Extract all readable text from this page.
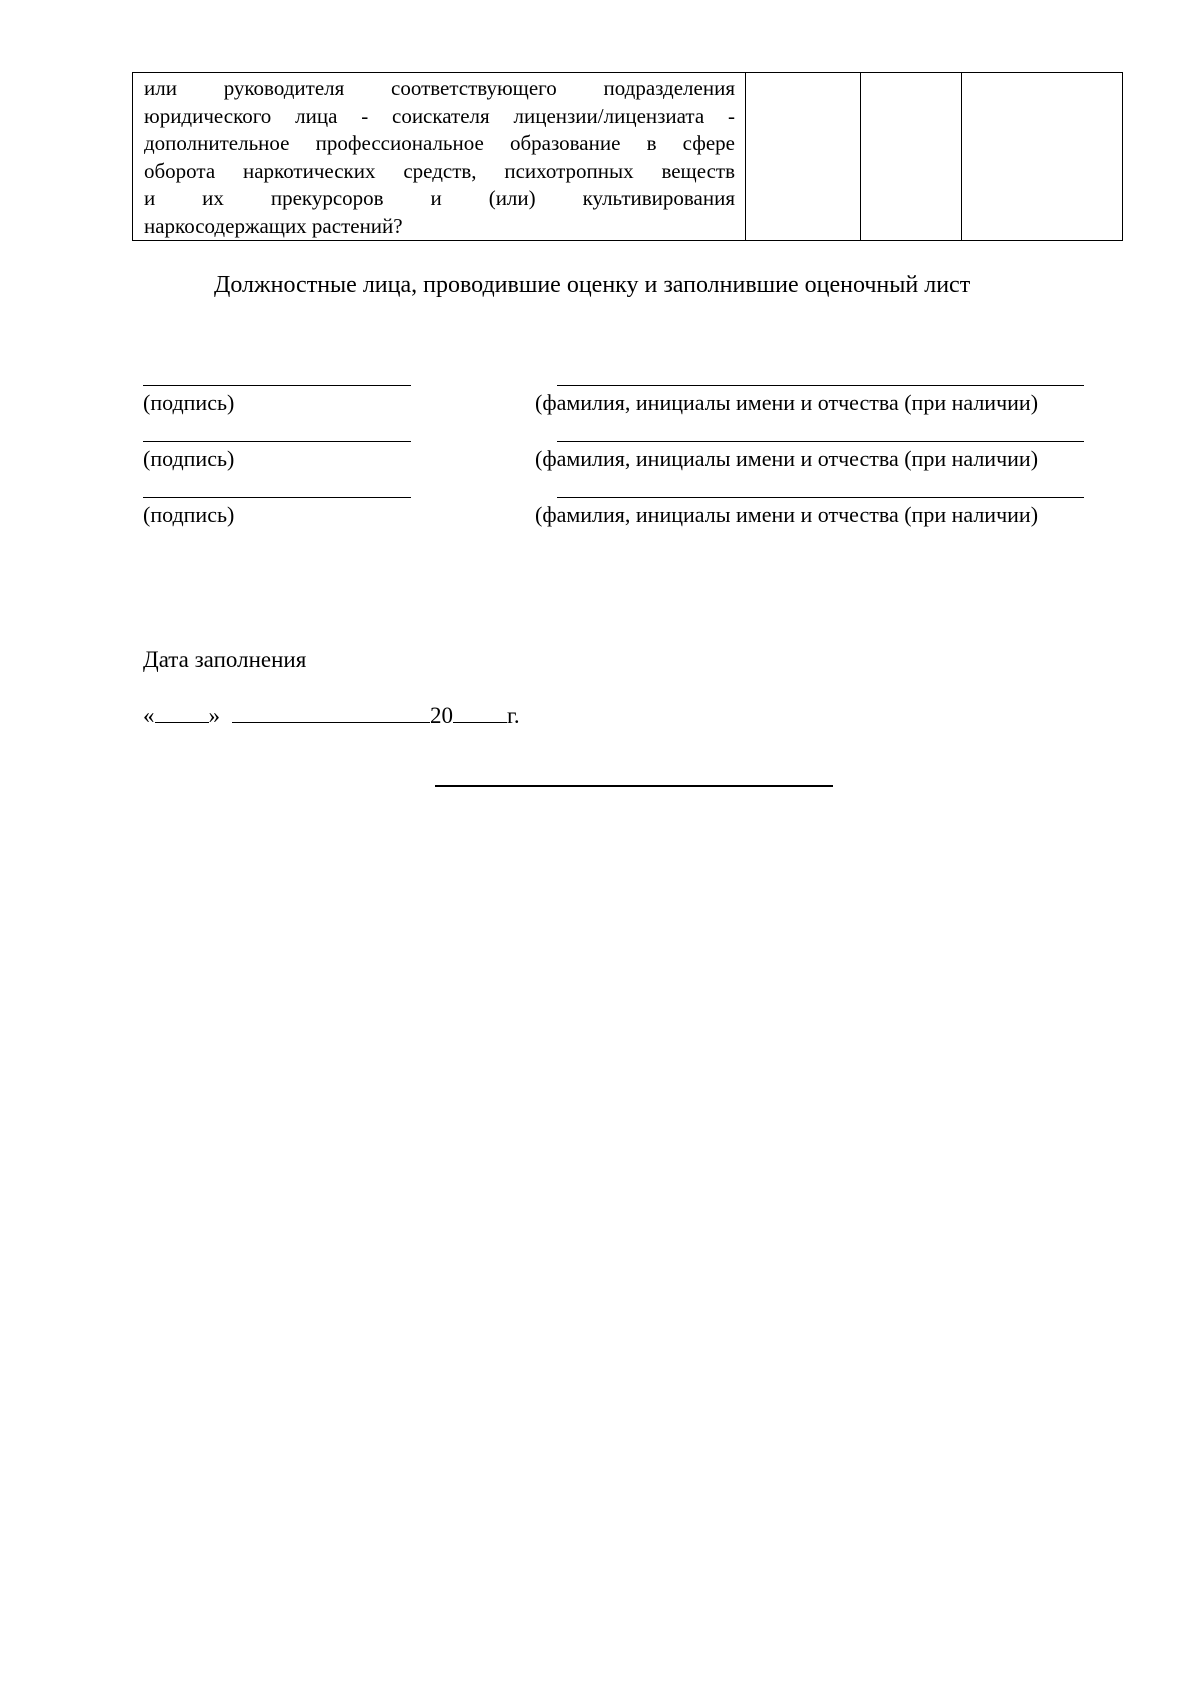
или руководителя соответствующего подразделения
юридического лица - соискателя лицензии/лицензиата -
дополнительное профессиональное образование в сфере
оборота наркотических средств, психотропных веществ
и их прекурсоров и (или) культивирования
наркосодержащих растений?

Должностные лица, проводившие оценку и заполнившие оценочный лист
(подпись)	(фамилия, инициалы имени и отчества (при наличии)
(подпись)	(фамилия, инициалы имени и отчества (при наличии)
(подпись)	(фамилия, инициалы имени и отчества (при наличии)
Дата заполнения
« »	20 г.
